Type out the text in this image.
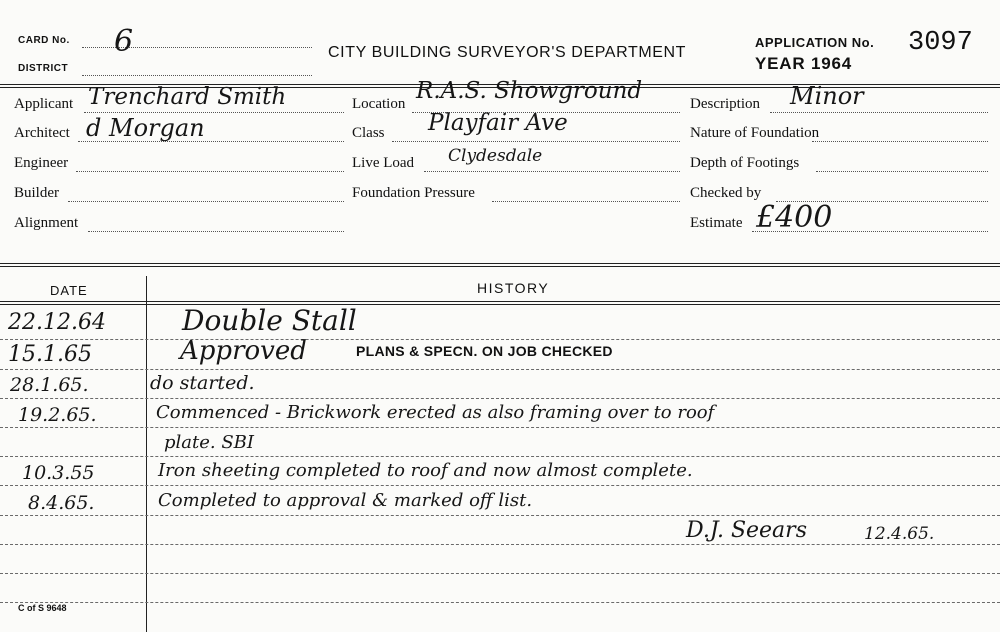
CARD No. 6
DISTRICT
CITY BUILDING SURVEYOR'S DEPARTMENT
APPLICATION No. 3097
YEAR 1964
Applicant Trenchard Smith
Architect d Morgan
Engineer
Builder
Alignment
Location R.A.S. Showground
Class Playfair Ave
Live Load Clydesdale
Foundation Pressure
Description Minor
Nature of Foundation
Depth of Footings
Checked by
Estimate £400
DATE	HISTORY
22.12.64	Double Stall
15.1.65	Approved	PLANS & SPECN. ON JOB CHECKED
28.1.65.	do started.
19.2.65.	Commenced - Brickwork erected as also framing over to roof
plate. SBI
10.3.55	Iron sheeting completed to roof and now almost complete.
8.4.65.	Completed to approval & marked off list.
D.J. Seears	12.4.65.
C of S 9648
